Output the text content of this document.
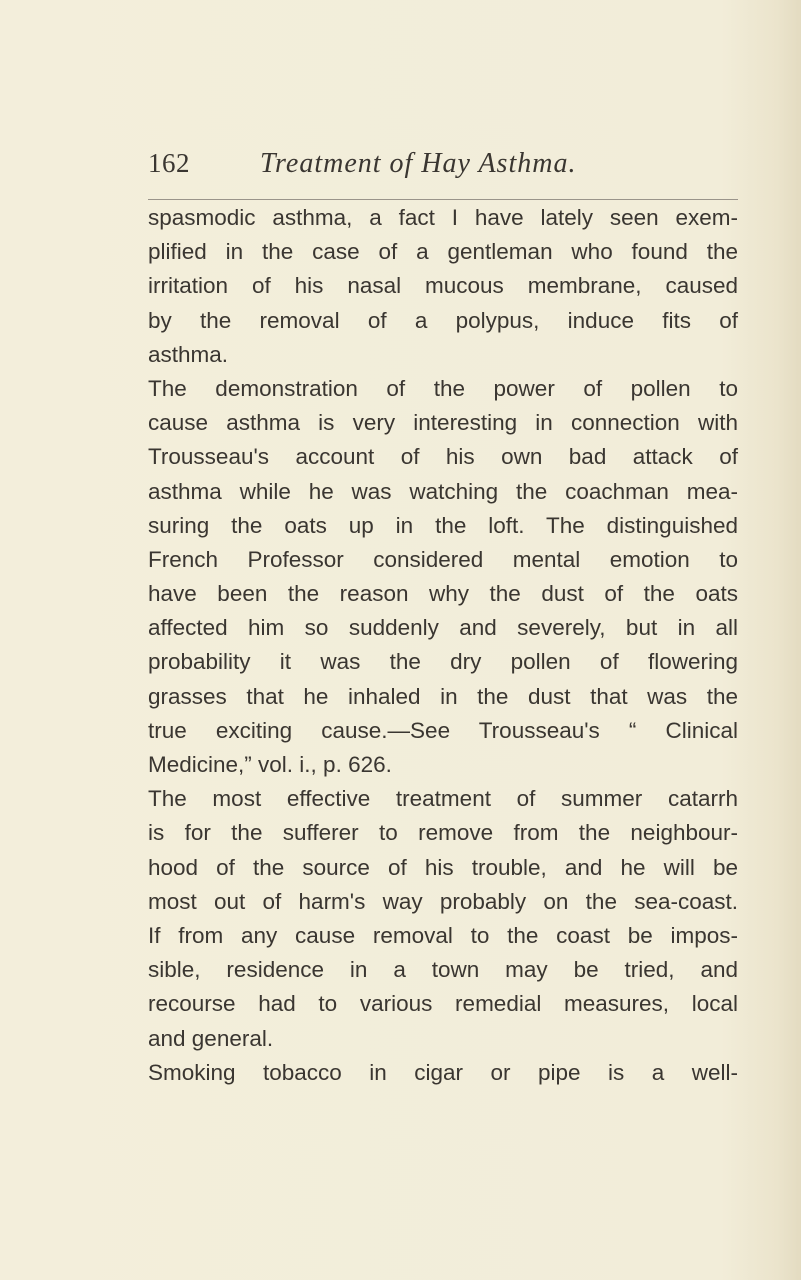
162	Treatment of Hay Asthma.
spasmodic asthma, a fact I have lately seen exem-
plified in the case of a gentleman who found the
irritation of his nasal mucous membrane, caused
by the removal of a polypus, induce fits of
asthma.
The demonstration of the power of pollen to
cause asthma is very interesting in connection with
Trousseau's account of his own bad attack of
asthma while he was watching the coachman mea-
suring the oats up in the loft. The distinguished
French Professor considered mental emotion to
have been the reason why the dust of the oats
affected him so suddenly and severely, but in all
probability it was the dry pollen of flowering
grasses that he inhaled in the dust that was the
true exciting cause.—See Trousseau's “ Clinical
Medicine,” vol. i., p. 626.
The most effective treatment of summer catarrh
is for the sufferer to remove from the neighbour-
hood of the source of his trouble, and he will be
most out of harm's way probably on the sea-coast.
If from any cause removal to the coast be impos-
sible, residence in a town may be tried, and
recourse had to various remedial measures, local
and general.
Smoking tobacco in cigar or pipe is a well-
